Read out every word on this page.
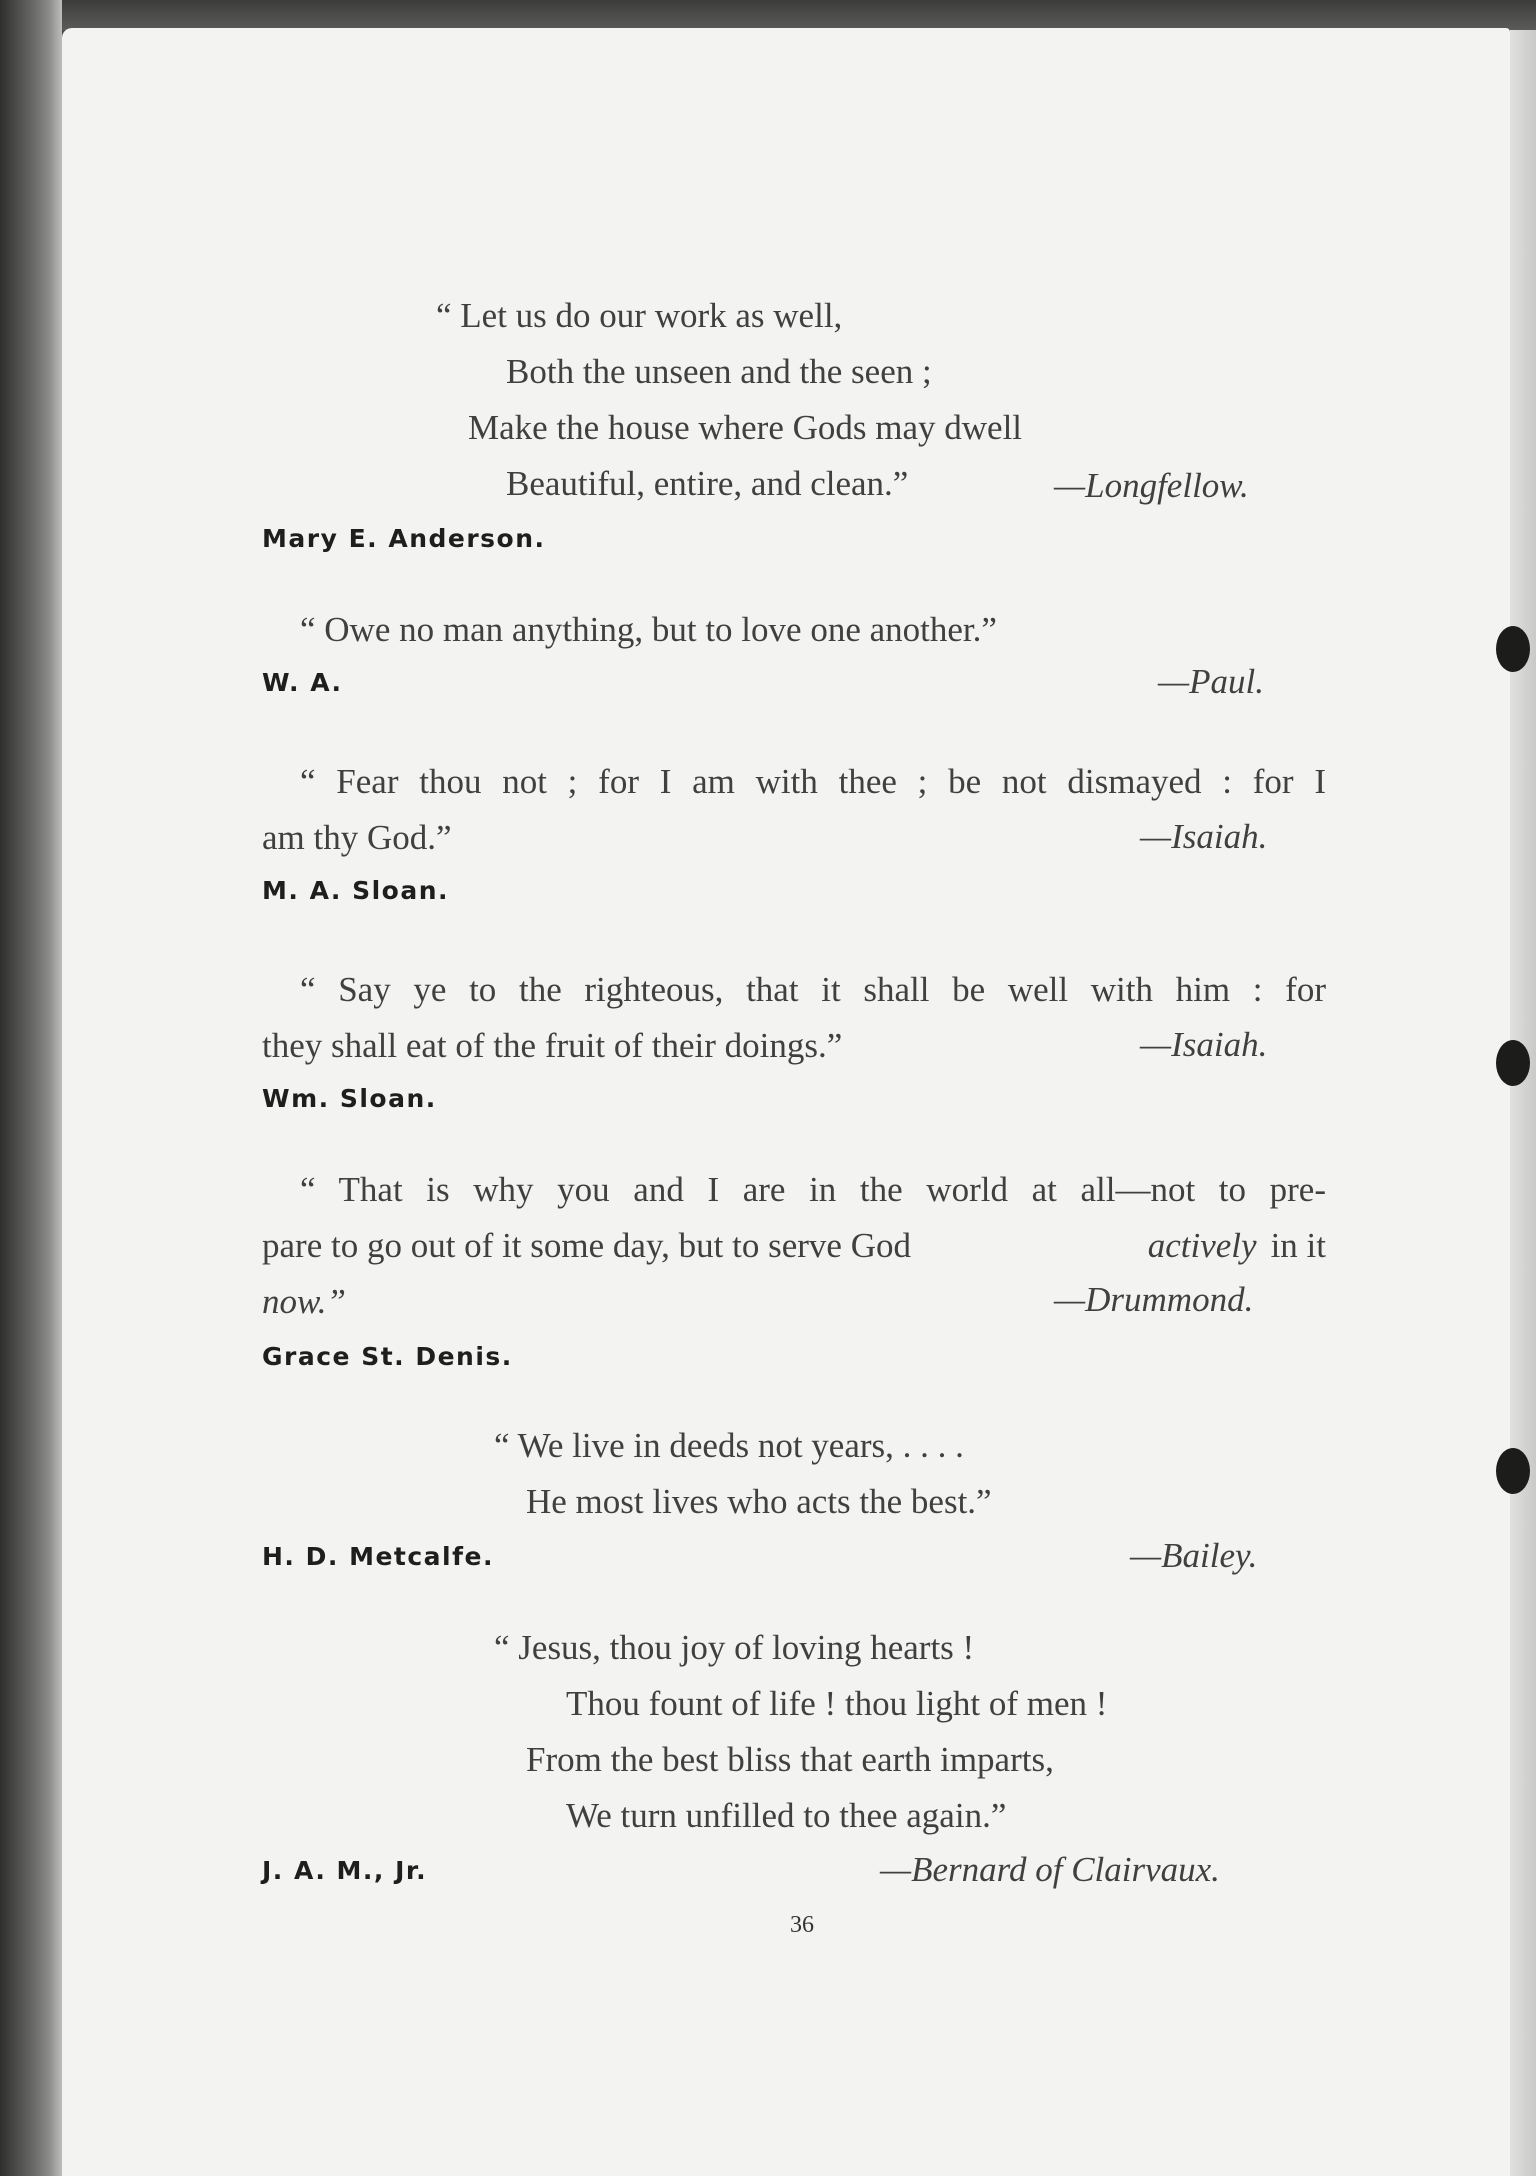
“ Let us do our work as well,
Both the unseen and the seen ;
Make the house where Gods may dwell
Beautiful, entire, and clean.”	—Longfellow.
Mary E. Anderson.
“ Owe no man anything, but to love one another.”
W. A.	—Paul.
“ Fear thou not ; for I am with thee ; be not dismayed : for I
am thy God.”	—Isaiah.
M. A. Sloan.
“ Say ye to the righteous, that it shall be well with him : for
they shall eat of the fruit of their doings.”	—Isaiah.
Wm. Sloan.
“ That is why you and I are in the world at all—not to pre-
pare to go out of it some day, but to serve God	actively in it
now.”	—Drummond.
Grace St. Denis.
“ We live in deeds not years, . . . .
He most lives who acts the best.”
H. D. Metcalfe.	—Bailey.
“ Jesus, thou joy of loving hearts !
Thou fount of life ! thou light of men !
From the best bliss that earth imparts,
We turn unfilled to thee again.”
J. A. M., Jr.	—Bernard of Clairvaux.
36
